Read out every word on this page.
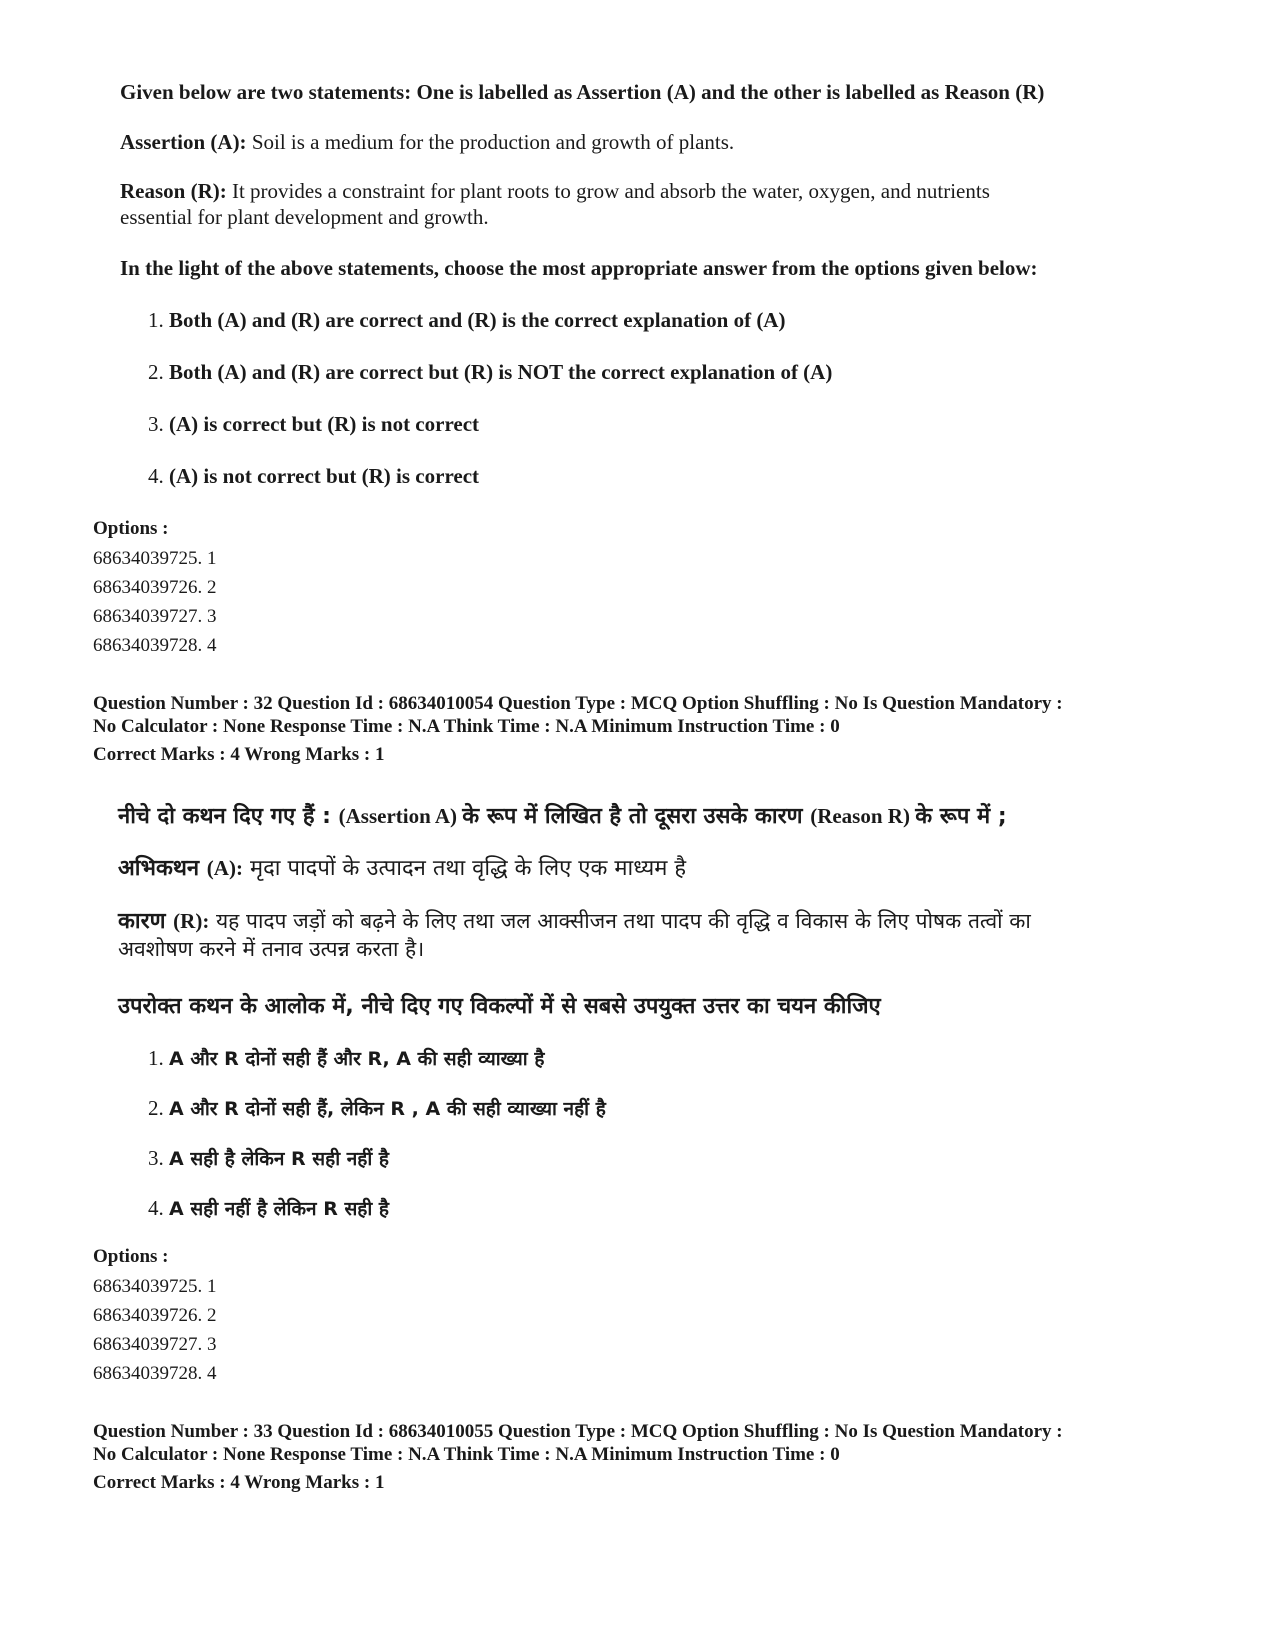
Given below are two statements: One is labelled as Assertion (A) and the other is labelled as Reason (R)
Assertion (A): Soil is a medium for the production and growth of plants.
Reason (R): It provides a constraint for plant roots to grow and absorb the water, oxygen, and nutrients
essential for plant development and growth.
In the light of the above statements, choose the most appropriate answer from the options given below:
1. Both (A) and (R) are correct and (R) is the correct explanation of (A)
2. Both (A) and (R) are correct but (R) is NOT the correct explanation of (A)
3. (A) is correct but (R) is not correct
4. (A) is not correct but (R) is correct
Options :
68634039725. 1
68634039726. 2
68634039727. 3
68634039728. 4
Question Number : 32 Question Id : 68634010054 Question Type : MCQ Option Shuffling : No Is Question Mandatory :
No Calculator : None Response Time : N.A Think Time : N.A Minimum Instruction Time : 0
Correct Marks : 4 Wrong Marks : 1
नीचे दो कथन दिए गए हैं : (Assertion A) के रूप में लिखित है तो दूसरा उसके कारण (Reason R) के रूप में ;
अभिकथन (A): मृदा पादपों के उत्पादन तथा वृद्धि के लिए एक माध्यम है
कारण (R): यह पादप जड़ों को बढ़ने के लिए तथा जल आक्सीजन तथा पादप की वृद्धि व विकास के लिए पोषक तत्वों का
अवशोषण करने में तनाव उत्पन्न करता है।
उपरोक्त कथन के आलोक में, नीचे दिए गए विकल्पों में से सबसे उपयुक्त उत्तर का चयन कीजिए
1. A और R दोनों सही हैं और R, A की सही व्याख्या है
2. A और R दोनों सही हैं, लेकिन R , A की सही व्याख्या नहीं है
3. A सही है लेकिन R सही नहीं है
4. A सही नहीं है लेकिन R सही है
Options :
68634039725. 1
68634039726. 2
68634039727. 3
68634039728. 4
Question Number : 33 Question Id : 68634010055 Question Type : MCQ Option Shuffling : No Is Question Mandatory :
No Calculator : None Response Time : N.A Think Time : N.A Minimum Instruction Time : 0
Correct Marks : 4 Wrong Marks : 1
